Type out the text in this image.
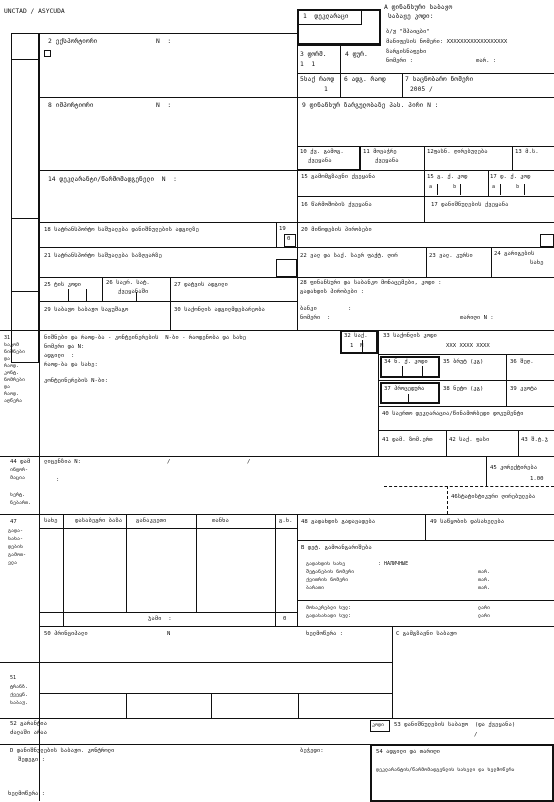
UNCTAD / ASYCUDA
A ფინანსური საბაჟო
საბაჟე კოდი:
ბ/ჟ "შპაიცბი"
მანიფესის ნომერი: XXXXXXXXXXXXXXXXXX
ზარგისნაფეხი
ნომერი :	თარ. :
1  დეკლარაცი
2 ექსპორტიორი	N  :
3 ფორმ.
1  1
4 ფურ.
5საქ რაოდ
1
6 ადგ. რაოდ	7 საცნობარო ნომერი
2005 /
8 იმპორტიორი	N  :	9 ფინანსურ ზარგულობაზე პას. პირი N :
10 ქვ. გამოგ.
ქვეყანა
11 მოვაჭრე
ქვეყანა
12ფასნ. ღირებულება	13 მ.ს.
14 დეკლარანტი/წარმომადგენელი  N  :	15 გამომგზავნი ქვეყანა	15 გ. ქ. კოდ
a       b
17 დ. ქ. კოდ
a       b
16 წარმოშობის ქვეყანა	17 დანიშნულების ქვეყანა
18 სატრანსპორტო საშუალება დანიშნულების ადგილზე	19
0
20 მიწოდების პირობები
21 სატრანსპორტო საშუალება საზღვარზე	22 ვალ და საქ. საერ ფაქტ. ღირ	23 ვალ. კურსი	24 გარიგების
სახე
25 ტის კოდი	26 საერ. სატ.
ქვეყანაში
27 დატვის ადგილი	28 ფინანსური და საბანკო მონაცემები, კოდი :
გადახდის პირობები :
29 საბაჟო საბაჟო საგუშაგო	30 საქონლის ადგილმდებარეობა	ბანკი
ნომერი  :
:
თარიღი N :
31
საკომ
ნიშნები
და
რაოდ.
კონტ.
ნომრები
და
რაოდ.
აღწერა
ნიშნები და რაოდ-ბა - კონტეინერების  N-ბი - რაოდენობა და სახე
ნომერი და N:
ადგილი  :
რაოდ-ბა და სახე:
კონტეინერების N-ბი:
32 საქ.
1  N
33 საქონლის კოდი
XXX XXXX XXXX
34 ნ. ქ. კოდი	35 ბრუტ (კგ)	36 შეღ.
37 პროცედურა	38 ნეტო (კგ)	39 კვოტა
40 საერთო დეკლარაცია/წინამორბედი დოკუმენტი
41 დამ. ზომ.ერთ	42 საქ. ფასი	43 შ.ტ.ჯ
44 დამ
ინფორ-
მაცია
სერტ.
ნებართ.
ლიცენზია N:	/	/
:
45 კორექტირება
1.00
46სტატისტიკური ღირებულება
47
გადა-
სახა-
დების
გამოთ-
ვლა
სახე	დასაბეგრი ბაზა განაკვეთი	თანხა	გ.ხ.
ჯამი  :	0
48 გადახდის გადავადება	49 საწყობის დასახელება
B დეტ. გამოანგარიშება
გადახდის სახე	: НАЛИЧНЫЕ
შეტანების ნომერი
ქვითრის ნომერი
ბარათი
თარ.
თარ.
თარ.
მოსაკრებლი სულ:
გადასახადი სულ:
ლარი
ლარი
50 პრინციპალი	N	ხელმოწერა :	C გამგზავნი საბაჟო
51
ტრანზ.
ქვეყნ.
საბაჟ.
52 გარანტია
ძალაში არაა
კოდი 53 დანიშნულების საბაჟო  (და ქვეყანა)
/
D დანიშნულების საბაჟო. კონტროლი
შედეგი :
ბეჭედი:
ხელმოწერა :
54 ადგილი და თარიღი
დეკლარანტის/წარმომადგენლის სახელი და ხელმოწერა
